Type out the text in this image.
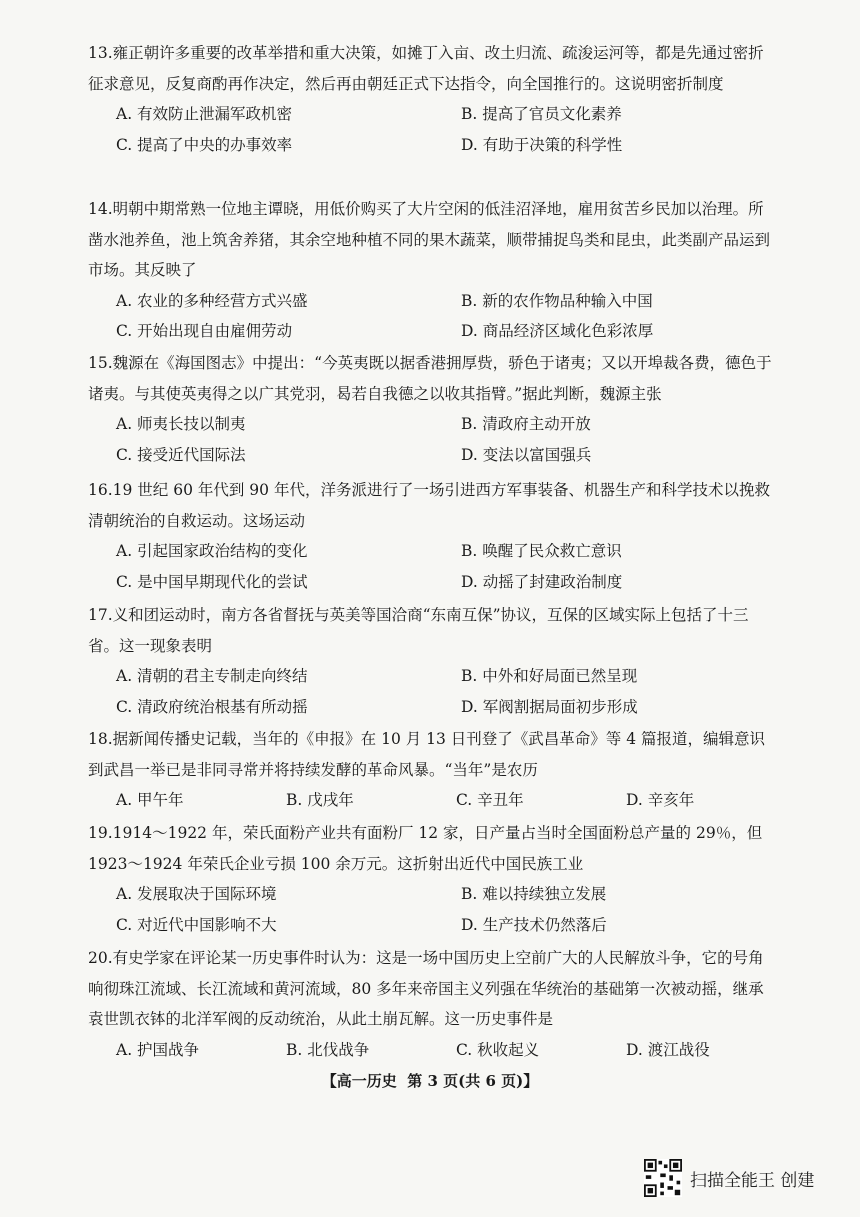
13.雍正朝许多重要的改革举措和重大决策，如摊丁入亩、改土归流、疏浚运河等，都是先通过密折征求意见，反复商酌再作决定，然后再由朝廷正式下达指令，向全国推行的。这说明密折制度
A. 有效防止泄漏军政机密	B. 提高了官员文化素养
C. 提高了中央的办事效率	D. 有助于决策的科学性
14.明朝中期常熟一位地主谭晓，用低价购买了大片空闲的低洼沼泽地，雇用贫苦乡民加以治理。所凿水池养鱼，池上筑舍养猪，其余空地种植不同的果木蔬菜，顺带捕捉鸟类和昆虫，此类副产品运到市场。其反映了
A. 农业的多种经营方式兴盛	B. 新的农作物品种输入中国
C. 开始出现自由雇佣劳动	D. 商品经济区域化色彩浓厚
15.魏源在《海国图志》中提出：“今英夷既以据香港拥厚赀，骄色于诸夷；又以开埠裁各费，德色于诸夷。与其使英夷得之以广其党羽，曷若自我德之以收其指臂。”据此判断，魏源主张
A. 师夷长技以制夷	B. 清政府主动开放
C. 接受近代国际法	D. 变法以富国强兵
16.19 世纪 60 年代到 90 年代，洋务派进行了一场引进西方军事装备、机器生产和科学技术以挽救清朝统治的自救运动。这场运动
A. 引起国家政治结构的变化	B. 唤醒了民众救亡意识
C. 是中国早期现代化的尝试	D. 动摇了封建政治制度
17.义和团运动时，南方各省督抚与英美等国洽商“东南互保”协议，互保的区域实际上包括了十三省。这一现象表明
A. 清朝的君主专制走向终结	B. 中外和好局面已然呈现
C. 清政府统治根基有所动摇	D. 军阀割据局面初步形成
18.据新闻传播史记载，当年的《申报》在 10 月 13 日刊登了《武昌革命》等 4 篇报道，编辑意识到武昌一举已是非同寻常并将持续发酵的革命风暴。“当年”是农历
A. 甲午年	B. 戊戌年	C. 辛丑年	D. 辛亥年
19.1914～1922 年，荣氏面粉产业共有面粉厂 12 家，日产量占当时全国面粉总产量的 29％，但1923～1924 年荣氏企业亏损 100 余万元。这折射出近代中国民族工业
A. 发展取决于国际环境	B. 难以持续独立发展
C. 对近代中国影响不大	D. 生产技术仍然落后
20.有史学家在评论某一历史事件时认为：这是一场中国历史上空前广大的人民解放斗争，它的号角响彻珠江流域、长江流域和黄河流域，80 多年来帝国主义列强在华统治的基础第一次被动摇，继承袁世凯衣钵的北洋军阀的反动统治，从此土崩瓦解。这一历史事件是
A. 护国战争	B. 北伐战争	C. 秋收起义	D. 渡江战役
【高一历史 第 3 页(共 6 页)】
扫描全能王 创建
